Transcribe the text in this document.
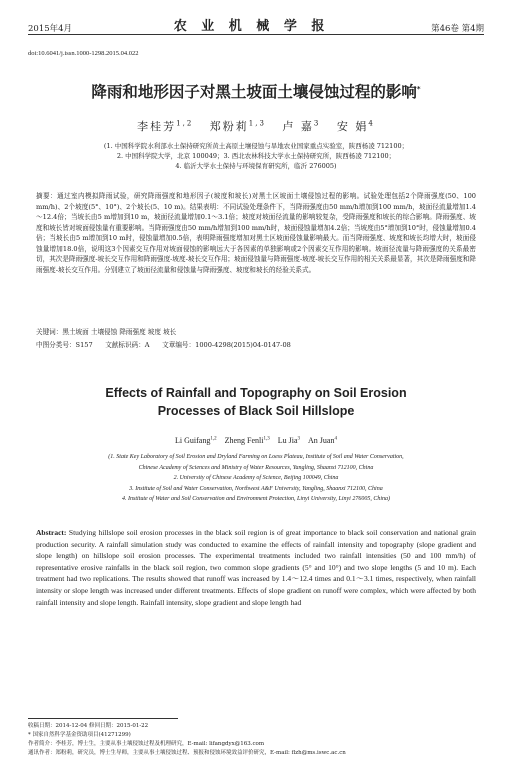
2015年4月	农 业 机 械 学 报	第46卷 第4期
doi:10.6041/j.issn.1000-1298.2015.04.022
降雨和地形因子对黑土坡面土壤侵蚀过程的影响*
李桂芳$^{1,2}$ 郑粉莉$^{1,3}$ 卢 嘉$^3$ 安 娟$^4$
(1. 中国科学院水利部水土保持研究所黄土高原土壤侵蚀与旱地农业国家重点实验室，陕西杨凌 712100；
2. 中国科学院大学，北京 100049；3. 西北农林科技大学水土保持研究所，陕西杨凌 712100；
4. 临沂大学水土保持与环境保育研究所，临沂 276005)
摘要：通过室内模拟降雨试验，研究降雨强度和地形因子(坡度和坡长)对黑土区坡面土壤侵蚀过程的影响。试验处理包括2个降雨强度(50、100 mm/h)、2个坡度(5°、10°)、2个坡长(5、10 m)。结果表明：不同试验处理条件下，当降雨强度由50 mm/h增加到100 mm/h，坡面径流量增加1.4～12.4倍；当坡长由5 m增加到10 m，坡面径流量增加0.1～3.1倍；坡度对坡面径流量的影响较复杂，受降雨强度和坡长的综合影响。降雨强度、坡度和坡长皆对坡面侵蚀量有重要影响。当降雨强度由50 mm/h增加到100 mm/h时，坡面侵蚀量增加4.2倍；当坡度由5°增加到10°时，侵蚀量增加0.4倍；当坡长由5 m增加到10 m时，侵蚀量增加0.5倍，表明降雨强度增加对黑土区坡面侵蚀量影响最大。而当降雨强度、坡度和坡长均增大时，坡面侵蚀量增加18.0倍，说明这3个因素交互作用对坡面侵蚀的影响远大于各因素的单独影响或2个因素交互作用的影响。坡面径流量与降雨强度的关系最密切，其次是降雨强度-坡长交互作用和降雨强度-坡度-坡长交互作用；坡面侵蚀量与降雨强度-坡度-坡长交互作用的相关关系最显著，其次是降雨强度和降雨强度-坡长交互作用。分别建立了坡面径流量和侵蚀量与降雨强度、坡度和坡长的经验关系式。
关键词：黑土坡面 土壤侵蚀 降雨强度 坡度 坡长
中图分类号：S157 文献标识码：A 文章编号：1000-4298(2015)04-0147-08
Effects of Rainfall and Topography on Soil Erosion
Processes of Black Soil Hillslope
Li Guifang$^{1,2}$ Zheng Fenli$^{1,3}$ Lu Jia$^3$ An Juan$^4$
(1. State Key Laboratory of Soil Erosion and Dryland Farming on Loess Plateau, Institute of Soil and Water Conservation,
Chinese Academy of Sciences and Ministry of Water Resources, Yangling, Shaanxi 712100, China
2. University of Chinese Academy of Science, Beijing 100049, China
3. Institute of Soil and Water Conservation, Northwest A&F University, Yangling, Shaanxi 712100, China
4. Institute of Water and Soil Conservation and Environment Protection, Linyi University, Linyi 276005, China)
Abstract: Studying hillslope soil erosion processes in the black soil region is of great importance to black soil conservation and national grain production security. A rainfall simulation study was conducted to examine the effects of rainfall intensity and topography (slope gradient and slope length) on hillslope soil erosion processes. The experimental treatments included two rainfall intensities (50 and 100 mm/h) of representative erosive rainfalls in the black soil region, two common slope gradients (5° and 10°) and two slope lengths (5 and 10 m). Each treatment had two replications. The results showed that runoff was increased by 1.4～12.4 times and 0.1～3.1 times, respectively, when rainfall intensity or slope length was increased under different treatments. Effects of slope gradient on runoff were complex, which were affected by both rainfall intensity and slope length. Rainfall intensity, slope gradient and slope length had
收稿日期：2014-12-04 修回日期：2015-01-22
* 国家自然科学基金资助项目(41271299)
作者简介：李桂芳，博士生，主要从事土壤侵蚀过程及机理研究，E-mail: lifangdyx@163.com
通讯作者：郑粉莉，研究员，博士生导师，主要从事土壤侵蚀过程、预报和侵蚀环境效益评价研究，E-mail: flzh@ms.iswc.ac.cn
